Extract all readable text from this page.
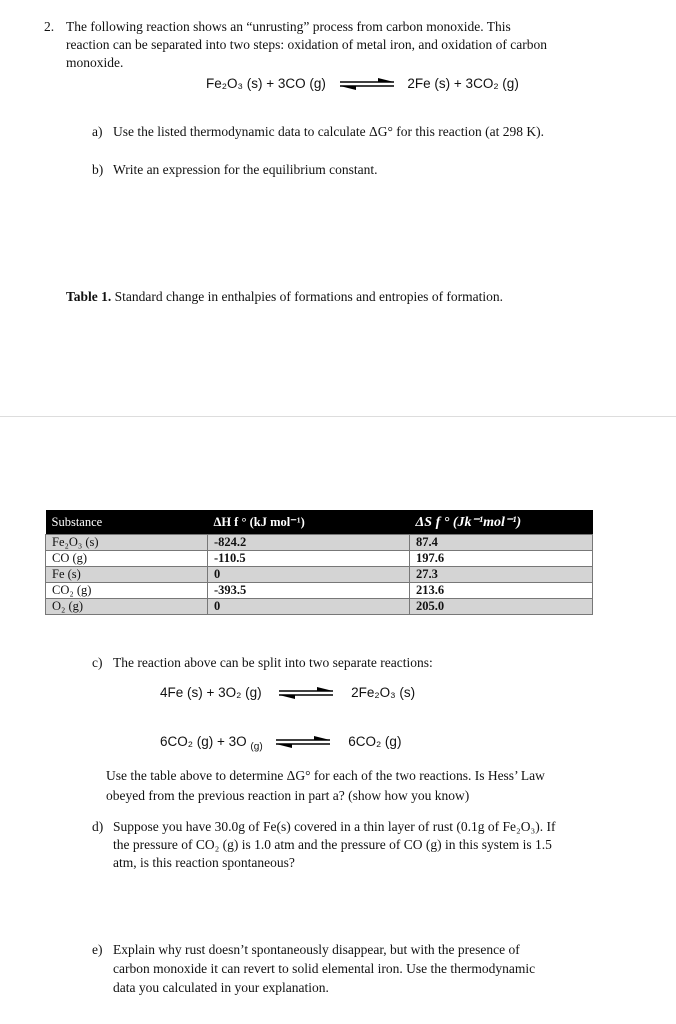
2. The following reaction shows an “unrusting” process from carbon monoxide. This
reaction can be separated into two steps: oxidation of metal iron, and oxidation of carbon
monoxide.
Fe₂O₃ (s) + 3CO (g)	2Fe (s) + 3CO₂ (g)
a) Use the listed thermodynamic data to calculate ΔG° for this reaction (at 298 K).
b) Write an expression for the equilibrium constant.
Table 1. Standard change in enthalpies of formations and entropies of formation.
Substance	ΔH f ° (kJ mol⁻¹)	ΔS f ° (Jk⁻¹mol⁻¹)
Fe₂O₃ (s)	-824.2	87.4
CO (g)	-110.5	197.6
Fe (s)	0	27.3
CO₂ (g)	-393.5	213.6
O₂ (g)	0	205.0
c) The reaction above can be split into two separate reactions:
4Fe (s) + 3O₂ (g)	2Fe₂O₃ (s)
6CO₂ (g) + 3O $_{(g)}$	6CO₂ (g)
Use the table above to determine ΔG° for each of the two reactions. Is Hess’ Law
obeyed from the previous reaction in part a? (show how you know)
d) Suppose you have 30.0g of Fe(s) covered in a thin layer of rust (0.1g of Fe₂O₃). If
the pressure of CO₂ (g) is 1.0 atm and the pressure of CO (g) in this system is 1.5
atm, is this reaction spontaneous?
e) Explain why rust doesn’t spontaneously disappear, but with the presence of
carbon monoxide it can revert to solid elemental iron. Use the thermodynamic
data you calculated in your explanation.
